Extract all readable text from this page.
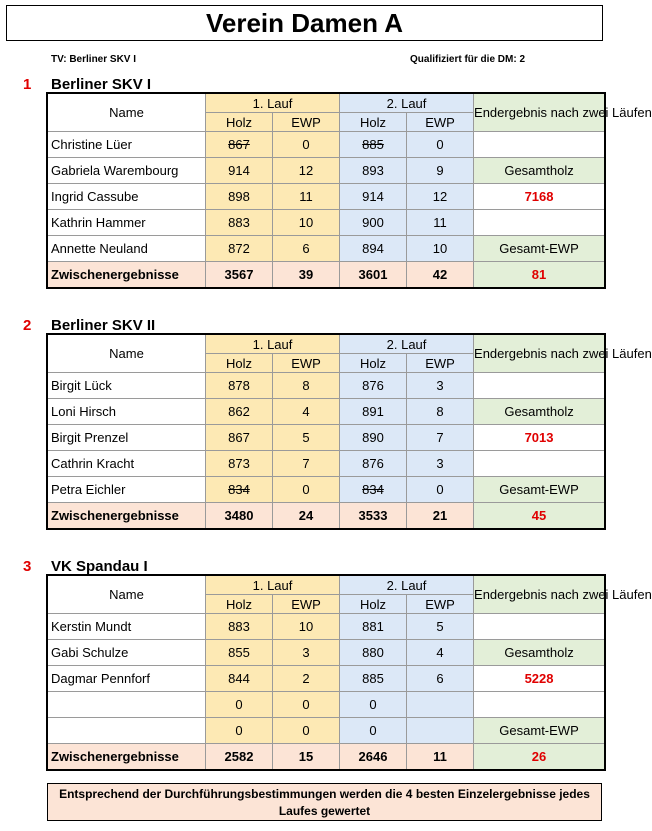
Verein Damen A
TV: Berliner SKV I	Qualifiziert für die DM: 2
1 Berliner SKV I
Name	1. Lauf		2. Lauf		Endergebnis nach zwei Läufen
	Holz	EWP	Holz	EWP	
Christine Lüer	867	0	885	0	
Gabriela Warembourg	914	12	893	9	Gesamtholz
Ingrid Cassube	898	11	914	12	7168
Kathrin Hammer	883	10	900	11	
Annette Neuland	872	6	894	10	Gesamt-EWP
Zwischenergebnisse	3567	39	3601	42	81
2 Berliner SKV II
Name	1. Lauf		2. Lauf		Endergebnis nach zwei Läufen
	Holz	EWP	Holz	EWP	
Birgit Lück	878	8	876	3	
Loni Hirsch	862	4	891	8	Gesamtholz
Birgit Prenzel	867	5	890	7	7013
Cathrin Kracht	873	7	876	3	
Petra Eichler	834	0	834	0	Gesamt-EWP
Zwischenergebnisse	3480	24	3533	21	45
3 VK Spandau I
Name	1. Lauf		2. Lauf		Endergebnis nach zwei Läufen
	Holz	EWP	Holz	EWP	
Kerstin Mundt	883	10	881	5	
Gabi Schulze	855	3	880	4	Gesamtholz
Dagmar Pennforf	844	2	885	6	5228
	0	0	0		
	0	0	0		Gesamt-EWP
Zwischenergebnisse	2582	15	2646	11	26
Entsprechend der Durchführungsbestimmungen werden die 4 besten Einzelergebnisse jedes Laufes gewertet
